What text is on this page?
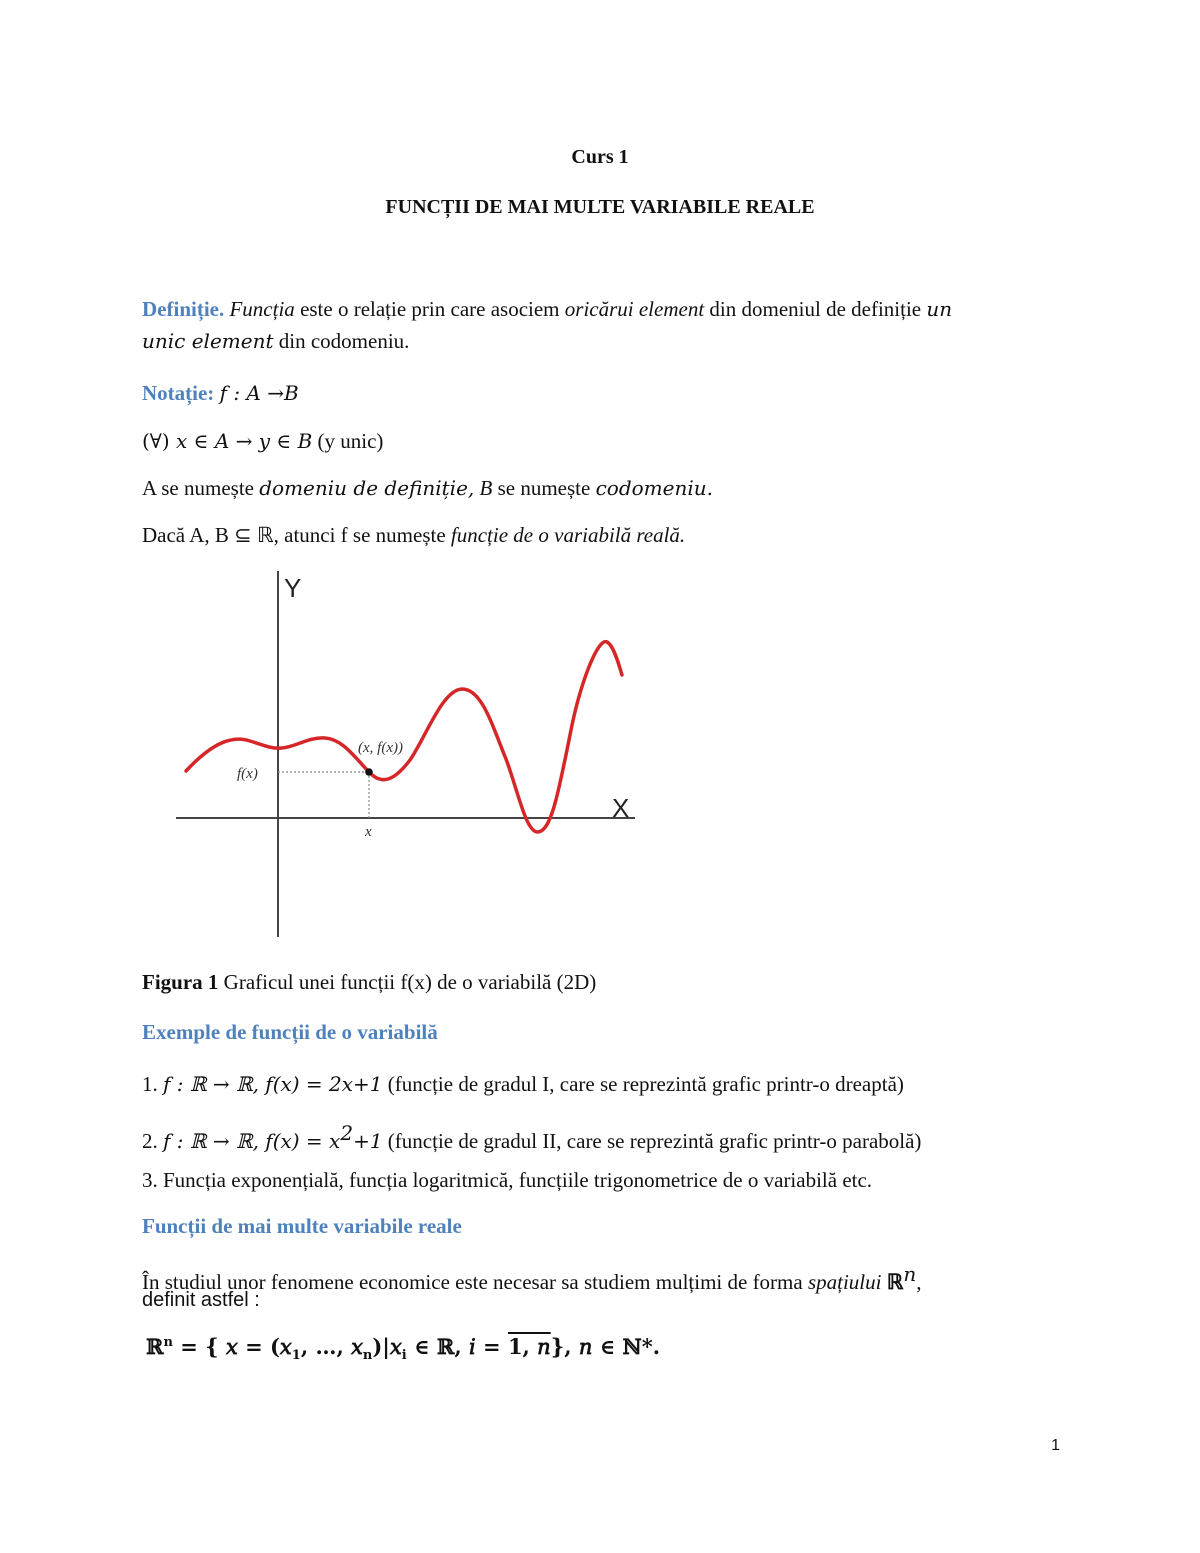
Curs 1
FUNCȚII DE MAI MULTE VARIABILE REALE
Definiție. Funcția este o relație prin care asociem oricărui element din domeniul de definiție un
unic element din codomeniu.
Notație: f : A →B
(∀) 𝑥 ∈ 𝐴 → 𝑦 ∈ 𝐵 (y unic)
A se numește domeniu de definiție, B se numește codomeniu.
Dacă A, B ⊆ ℝ, atunci f se numește funcție de o variabilă reală.
Y
X
(x, f(x))
f(x)
x
Figura 1 Graficul unei funcții f(x) de o variabilă (2D)
Exemple de funcții de o variabilă
1. f : ℝ → ℝ, f(x) = 2x+1 (funcție de gradul I, care se reprezintă grafic printr-o dreaptă)
2. f : ℝ → ℝ, $f(x) = x^2+1$ (funcție de gradul II, care se reprezintă grafic printr-o parabolă)
3. Funcția exponențială, funcția logaritmică, funcțiile trigonometrice de o variabilă etc.
Funcții de mai multe variabile reale
În studiul unor fenomene economice este necesar sa studiem mulțimi de forma spațiului ℝ$^n$,
definit astfel :
ℝ$^n$ = { 𝑥 = (𝑥$_1$, …, 𝑥$_n$)|𝑥$_i$ ∈ ℝ, 𝑖 = 1, 𝑛}, 𝑛 ∈ ℕ*.
1
